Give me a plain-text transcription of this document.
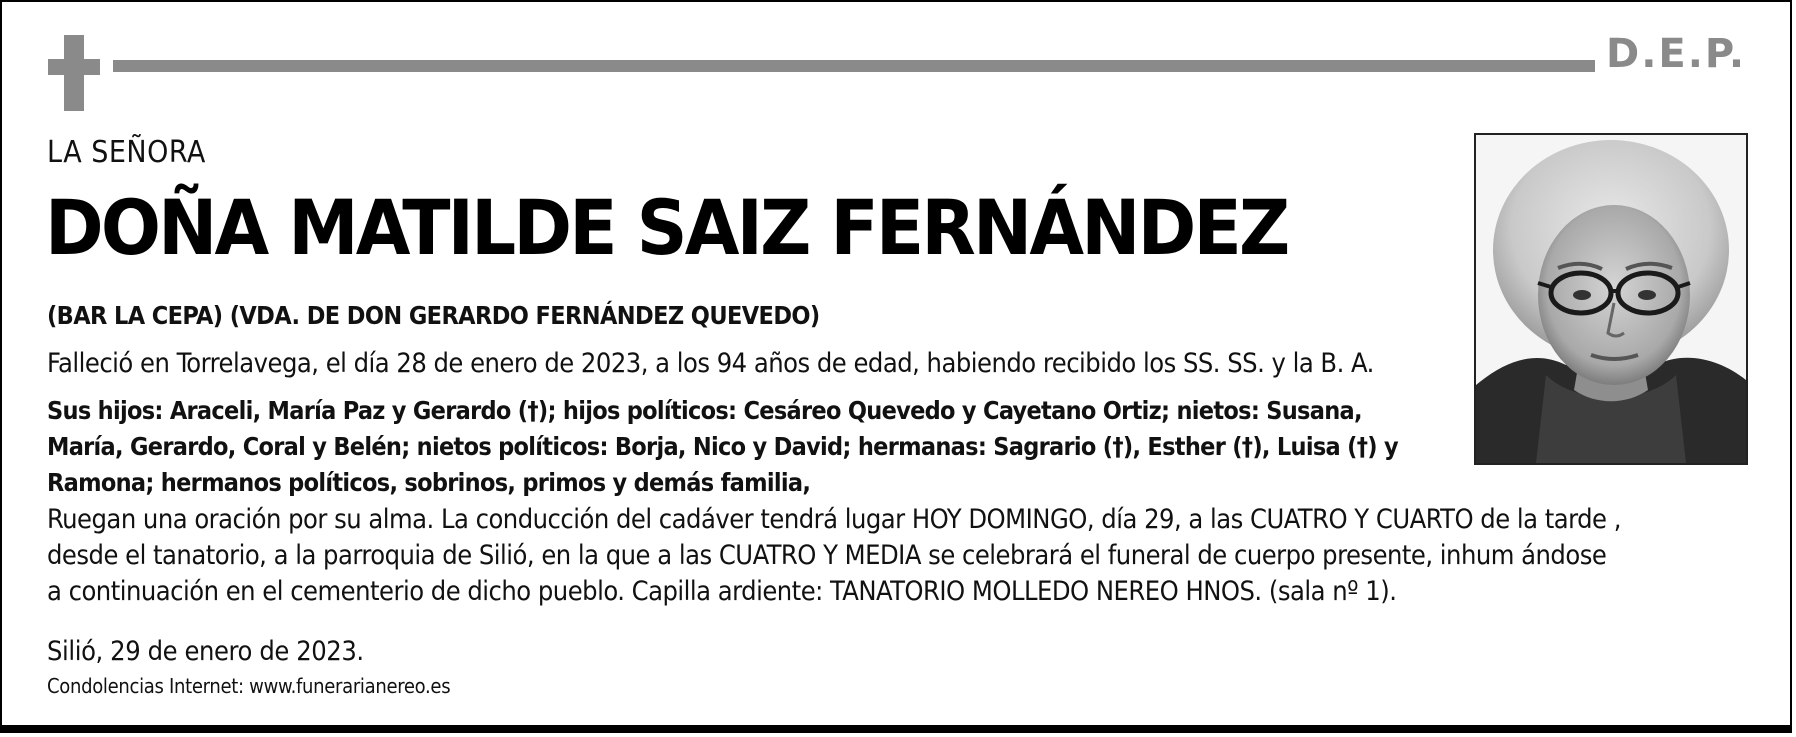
D.E.P.
LA SEÑORA
DOÑA MATILDE SAIZ FERNÁNDEZ
(BAR LA CEPA) (VDA. DE DON GERARDO FERNÁNDEZ QUEVEDO)
Falleció en Torrelavega, el día 28 de enero de 2023, a los 94 años de edad, habiendo recibido los SS. SS. y la B. A.
Sus hijos: Araceli, María Paz y Gerardo (†); hijos políticos: Cesáreo Quevedo y Cayetano Ortiz; nietos: Susana,
María, Gerardo, Coral y Belén; nietos políticos: Borja, Nico y David; hermanas: Sagrario (†), Esther (†), Luisa (†) y
Ramona; hermanos políticos, sobrinos, primos y demás familia,
Ruegan una oración por su alma. La conducción del cadáver tendrá lugar HOY DOMINGO, día 29, a las CUATRO Y CUARTO de la tarde ,
desde el tanatorio, a la parroquia de Silió, en la que a las CUATRO Y MEDIA se celebrará el funeral de cuerpo presente, inhum ándose
a continuación en el cementerio de dicho pueblo. Capilla ardiente: TANATORIO MOLLEDO NEREO HNOS. (sala nº 1).
Silió, 29 de enero de 2023.
Condolencias Internet: www.funerarianereo.es
